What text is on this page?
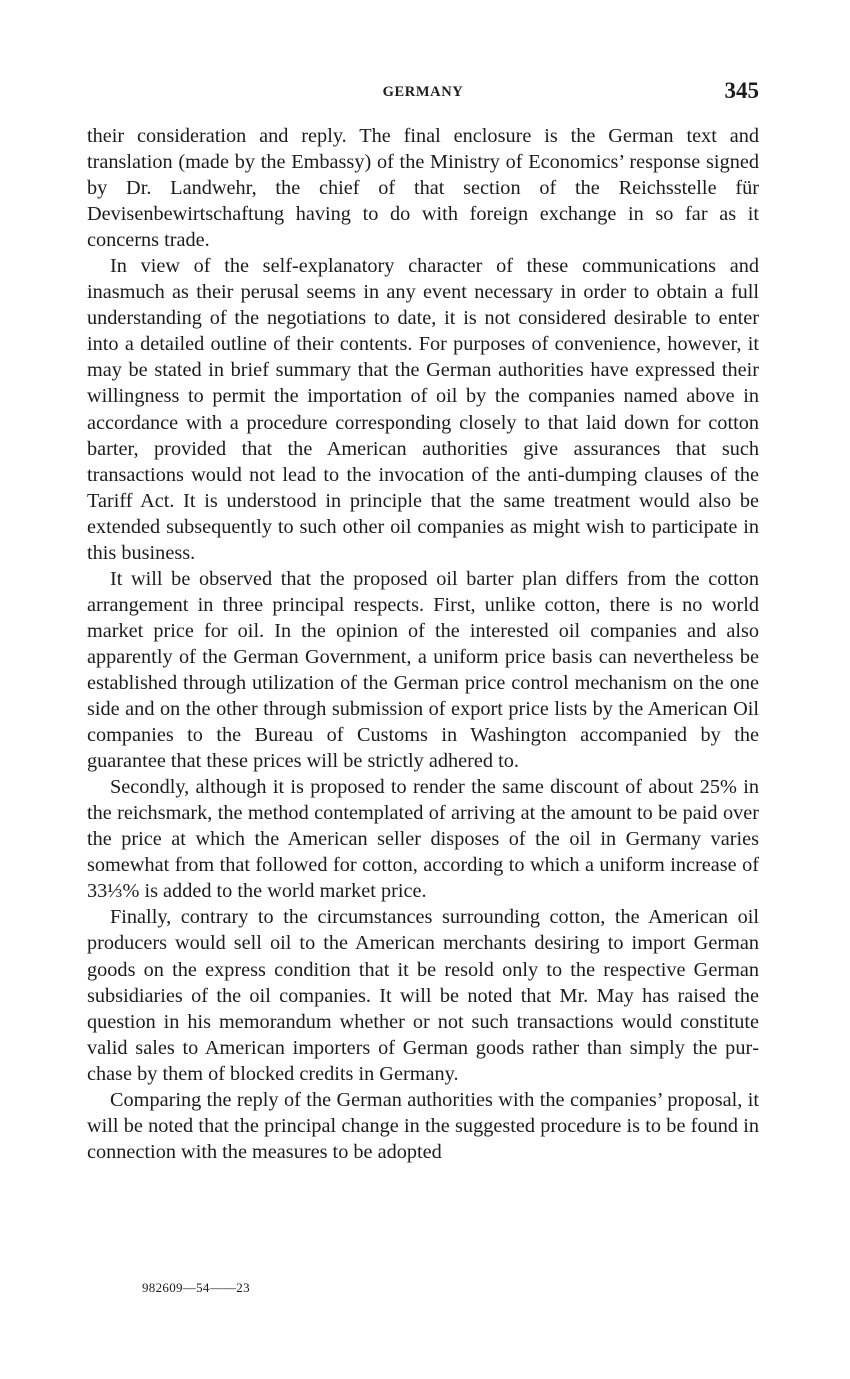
GERMANY	345

their consideration and reply. The final enclosure is the German text and translation (made by the Embassy) of the Ministry of Economics’ response signed by Dr. Landwehr, the chief of that section of the Reichsstelle für Devisenbewirtschaftung having to do with foreign exchange in so far as it concerns trade.

In view of the self-explanatory character of these communications and inasmuch as their perusal seems in any event necessary in order to obtain a full understanding of the negotiations to date, it is not considered desirable to enter into a detailed outline of their contents. For purposes of convenience, however, it may be stated in brief summary that the German authorities have expressed their willingness to permit the importation of oil by the companies named above in accordance with a procedure corresponding closely to that laid down for cotton barter, provided that the American authorities give assurances that such transactions would not lead to the invocation of the anti-dumping clauses of the Tariff Act. It is understood in principle that the same treatment would also be extended subsequently to such other oil companies as might wish to participate in this business.

It will be observed that the proposed oil barter plan differs from the cotton arrangement in three principal respects. First, unlike cotton, there is no world market price for oil. In the opinion of the interested oil companies and also apparently of the German Government, a uniform price basis can nevertheless be established through utilization of the German price control mechanism on the one side and on the other through submission of export price lists by the American Oil companies to the Bureau of Customs in Washington accompanied by the guarantee that these prices will be strictly adhered to.

Secondly, although it is proposed to render the same discount of about 25% in the reichsmark, the method contemplated of arriving at the amount to be paid over the price at which the American seller disposes of the oil in Germany varies somewhat from that followed for cotton, according to which a uniform increase of 33⅓% is added to the world market price.

Finally, contrary to the circumstances surrounding cotton, the American oil producers would sell oil to the American merchants desiring to import German goods on the express condition that it be resold only to the respective German subsidiaries of the oil companies. It will be noted that Mr. May has raised the question in his memorandum whether or not such transactions would constitute valid sales to American importers of German goods rather than simply the purchase by them of blocked credits in Germany.

Comparing the reply of the German authorities with the companies’ proposal, it will be noted that the principal change in the suggested procedure is to be found in connection with the measures to be adopted

982609—54——23
